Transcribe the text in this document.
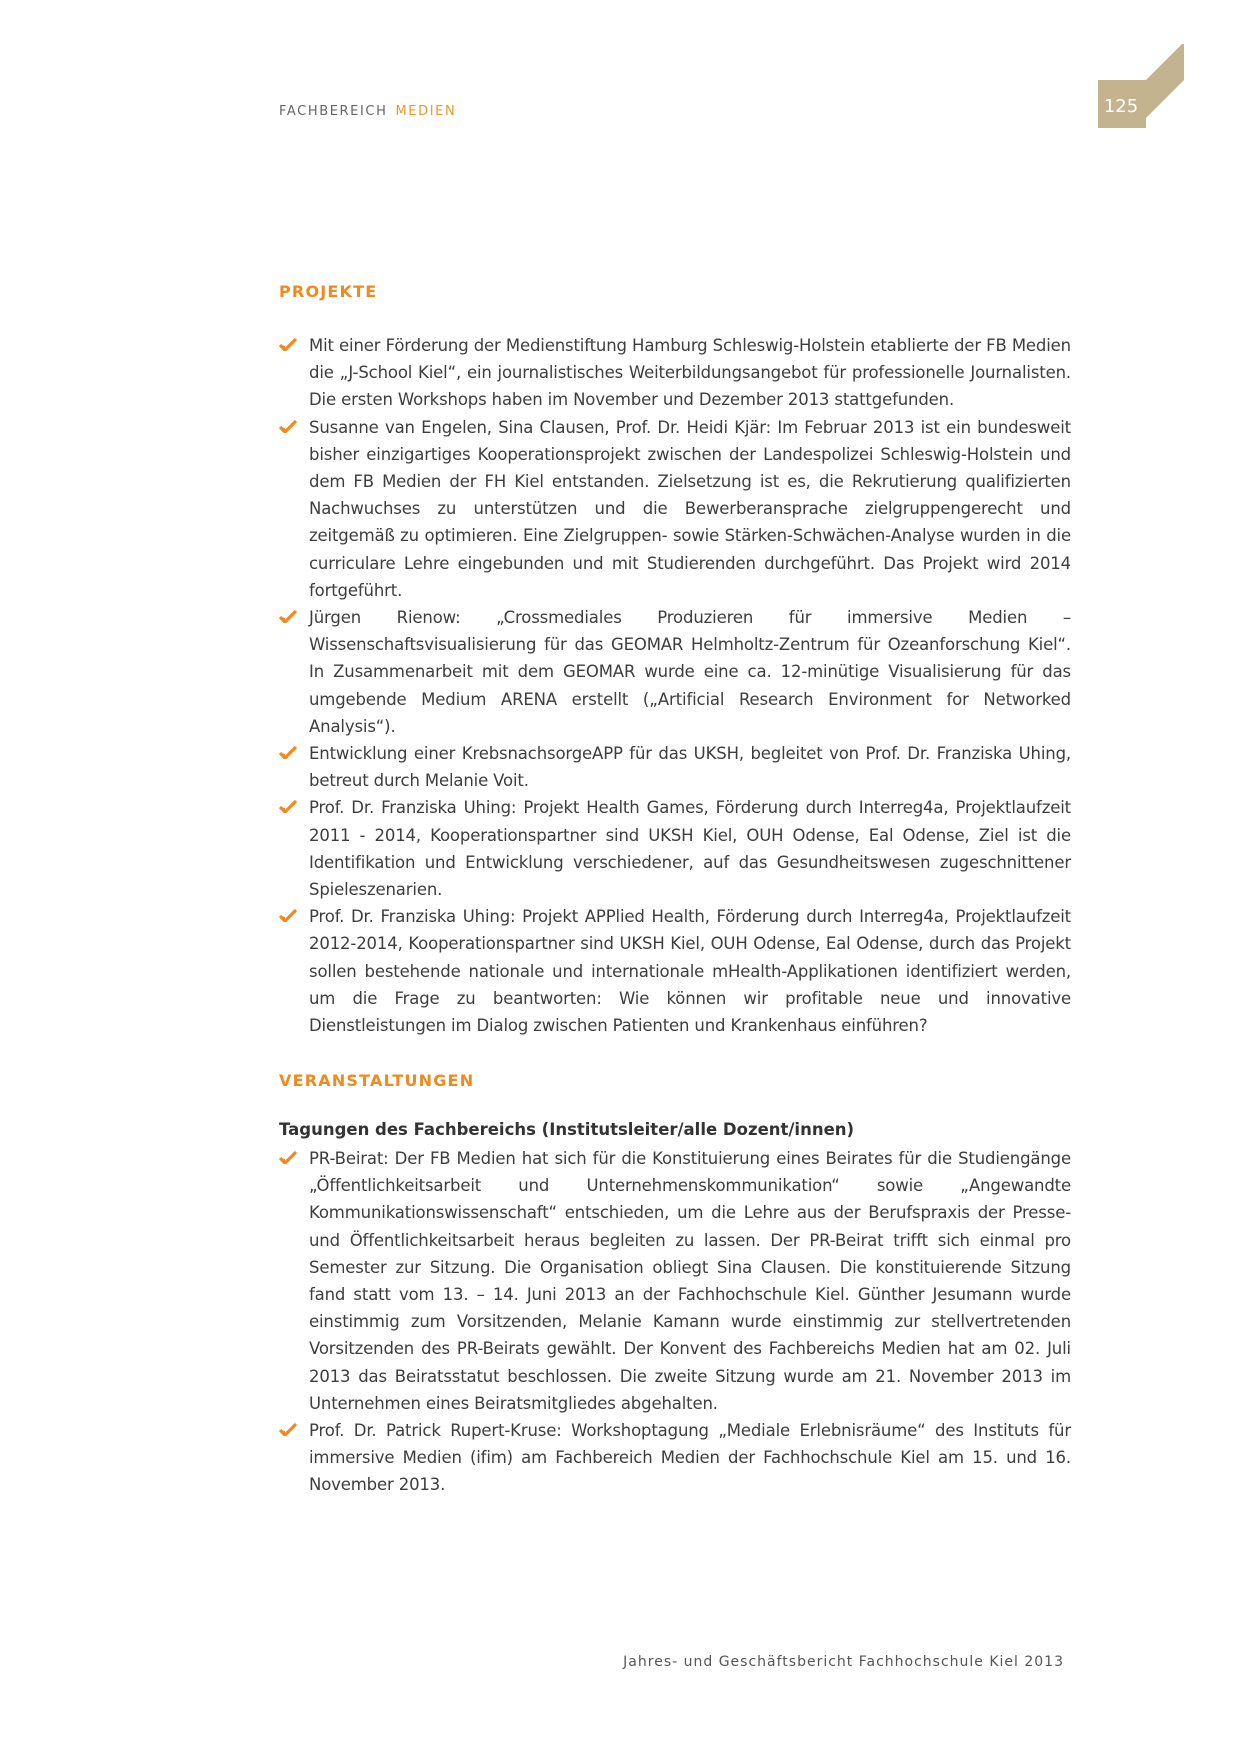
FACHBEREICH MEDIEN	125
PROJEKTE
Mit einer Förderung der Medienstiftung Hamburg Schleswig-Holstein etablierte der FB Medien die „J-School Kiel“, ein journalistisches Weiterbildungsangebot für professionelle Journalisten. Die ersten Workshops haben im November und Dezember 2013 stattgefunden.
Susanne van Engelen, Sina Clausen, Prof. Dr. Heidi Kjär: Im Februar 2013 ist ein bundesweit bisher einzigartiges Kooperationsprojekt zwischen der Landespolizei Schleswig-Holstein und dem FB Medien der FH Kiel entstanden. Zielsetzung ist es, die Rekrutierung qualifizierten Nachwuchses zu unterstützen und die Bewerberansprache zielgruppengerecht und zeitgemäß zu optimieren. Eine Zielgruppen- sowie Stärken-Schwächen-Analyse wurden in die curriculare Lehre eingebunden und mit Studierenden durchgeführt. Das Projekt wird 2014 fortgeführt.
Jürgen Rienow: „Crossmediales Produzieren für immersive Medien – Wissenschaftsvisualisierung für das GEOMAR Helmholtz-Zentrum für Ozeanforschung Kiel“. In Zusammenarbeit mit dem GEOMAR wurde eine ca. 12-minütige Visualisierung für das umgebende Medium ARENA erstellt („Artificial Research Environment for Networked Analysis“).
Entwicklung einer KrebsnachsorgeAPP für das UKSH, begleitet von Prof. Dr. Franziska Uhing, betreut durch Melanie Voit.
Prof. Dr. Franziska Uhing: Projekt Health Games, Förderung durch Interreg4a, Projektlaufzeit 2011 - 2014, Kooperationspartner sind UKSH Kiel, OUH Odense, Eal Odense, Ziel ist die Identifikation und Entwicklung verschiedener, auf das Gesundheitswesen zugeschnittener Spieleszenarien.
Prof. Dr. Franziska Uhing: Projekt APPlied Health, Förderung durch Interreg4a, Projektlaufzeit 2012-2014, Kooperationspartner sind UKSH Kiel, OUH Odense, Eal Odense, durch das Projekt sollen bestehende nationale und internationale mHealth-Applikationen identifiziert werden, um die Frage zu beantworten: Wie können wir profitable neue und innovative Dienstleistungen im Dialog zwischen Patienten und Krankenhaus einführen?
VERANSTALTUNGEN
Tagungen des Fachbereichs (Institutsleiter/alle Dozent/innen)
PR-Beirat: Der FB Medien hat sich für die Konstituierung eines Beirates für die Studiengänge „Öffentlichkeitsarbeit und Unternehmenskommunikation“ sowie „Angewandte Kommunikationswissenschaft“ entschieden, um die Lehre aus der Berufspraxis der Presse- und Öffentlichkeitsarbeit heraus begleiten zu lassen. Der PR-Beirat trifft sich einmal pro Semester zur Sitzung. Die Organisation obliegt Sina Clausen. Die konstituierende Sitzung fand statt vom 13. – 14. Juni 2013 an der Fachhochschule Kiel. Günther Jesumann wurde einstimmig zum Vorsitzenden, Melanie Kamann wurde einstimmig zur stellvertretenden Vorsitzenden des PR-Beirats gewählt. Der Konvent des Fachbereichs Medien hat am 02. Juli 2013 das Beiratsstatut beschlossen. Die zweite Sitzung wurde am 21. November 2013 im Unternehmen eines Beiratsmitgliedes abgehalten.
Prof. Dr. Patrick Rupert-Kruse: Workshoptagung „Mediale Erlebnisräume“ des Instituts für immersive Medien (ifim) am Fachbereich Medien der Fachhochschule Kiel am 15. und 16. November 2013.
Jahres- und Geschäftsbericht Fachhochschule Kiel 2013
